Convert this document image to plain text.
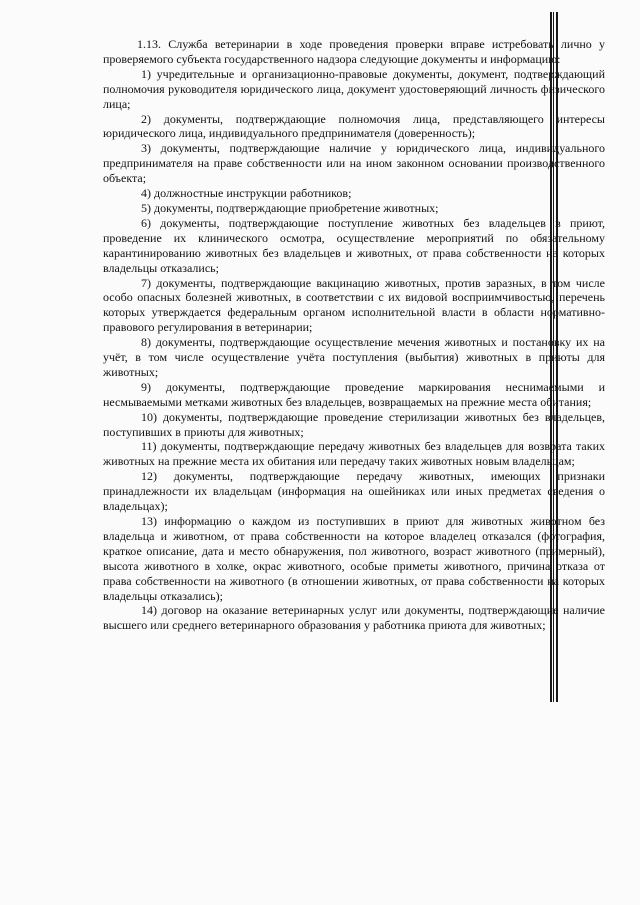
1.13. Служба ветеринарии в ходе проведения проверки вправе истребовать лично у проверяемого субъекта государственного надзора следующие документы и информацию:

1) учредительные и организационно-правовые документы, документ, подтверждающий полномочия руководителя юридического лица, документ удостоверяющий личность физического лица;

2) документы, подтверждающие полномочия лица, представляющего интересы юридического лица, индивидуального предпринимателя (доверенность);

3) документы, подтверждающие наличие у юридического лица, индивидуального предпринимателя на праве собственности или на ином законном основании производственного объекта;

4) должностные инструкции работников;

5) документы, подтверждающие приобретение животных;

6) документы, подтверждающие поступление животных без владельцев в приют, проведение их клинического осмотра, осуществление мероприятий по обязательному карантинированию животных без владельцев и животных, от права собственности на которых владельцы отказались;

7) документы, подтверждающие вакцинацию животных, против заразных, в том числе особо опасных болезней животных, в соответствии с их видовой восприимчивостью, перечень которых утверждается федеральным органом исполнительной власти в области нормативно-правового регулирования в ветеринарии;

8) документы, подтверждающие осуществление мечения животных и постановку их на учёт, в том числе осуществление учёта поступления (выбытия) животных в приюты для животных;

9) документы, подтверждающие проведение маркирования неснимаемыми и несмываемыми метками животных без владельцев, возвращаемых на прежние места обитания;

10) документы, подтверждающие проведение стерилизации животных без владельцев, поступивших в приюты для животных;

11) документы, подтверждающие передачу животных без владельцев для возврата таких животных на прежние места их обитания или передачу таких животных новым владельцам;

12) документы, подтверждающие передачу животных, имеющих признаки принадлежности их владельцам (информация на ошейниках или иных предметах сведения о владельцах);

13) информацию о каждом из поступивших в приют для животных животном без владельца и животном, от права собственности на которое владелец отказался (фотография, краткое описание, дата и место обнаружения, пол животного, возраст животного (примерный), высота животного в холке, окрас животного, особые приметы животного, причина отказа от права собственности на животного (в отношении животных, от права собственности на которых владельцы отказались);

14) договор на оказание ветеринарных услуг или документы, подтверждающие наличие высшего или среднего ветеринарного образования у работника приюта для животных;
